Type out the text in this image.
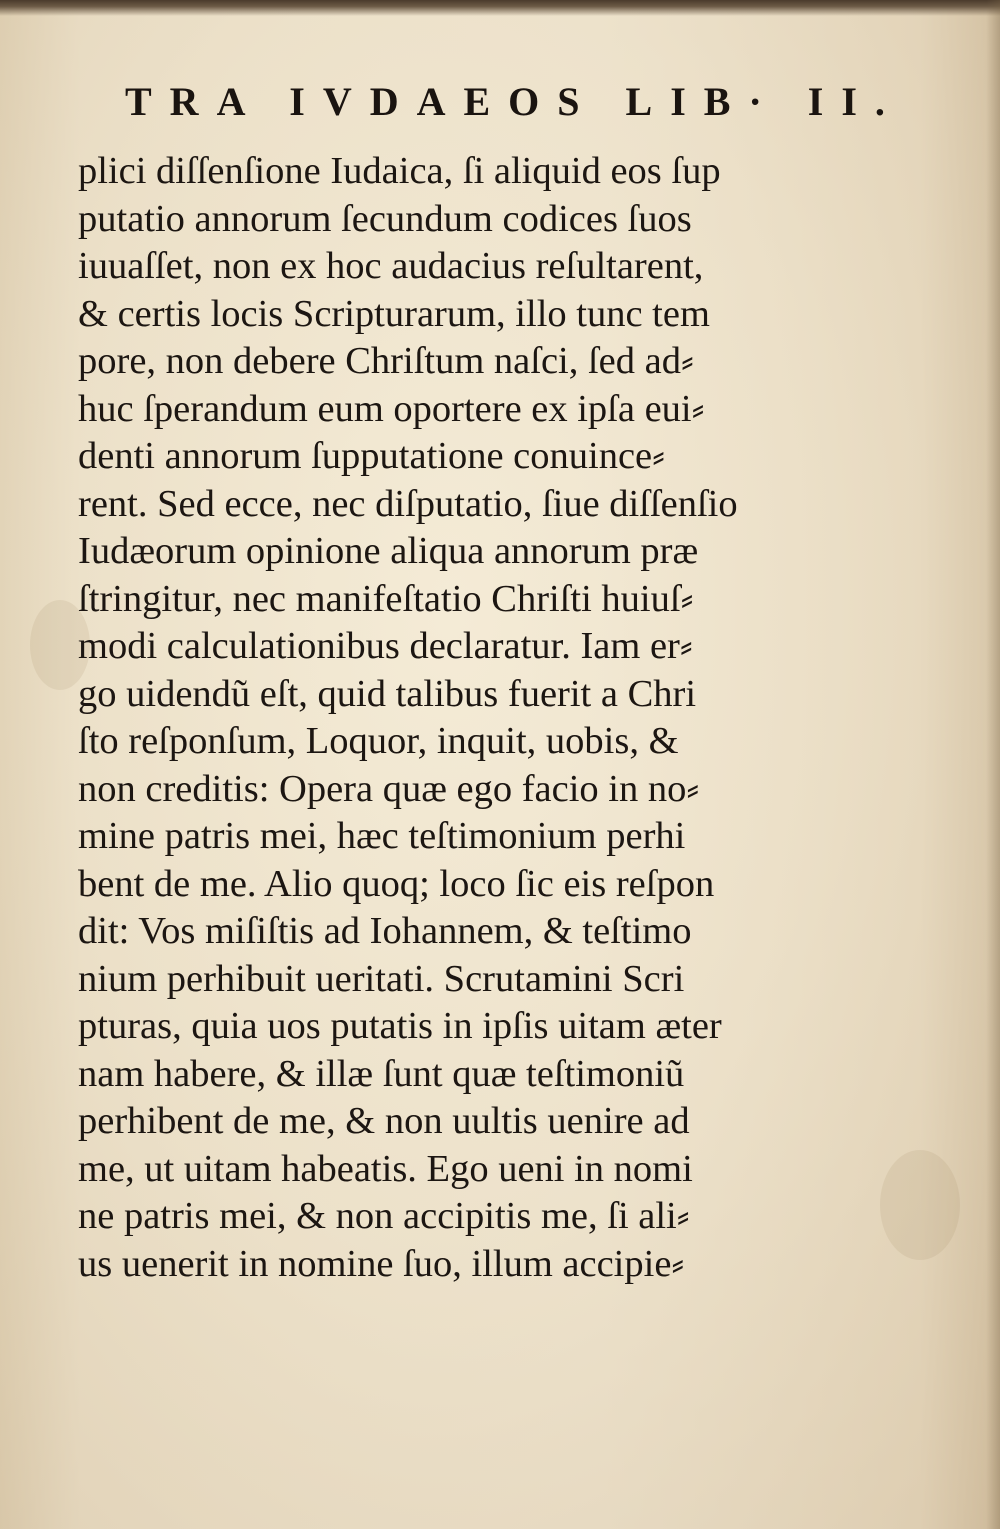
TRA IVDAEOS LIB· II.
plici diſſenſione Iudaica, ſi aliquid eos ſup
putatio annorum ſecundum codices ſuos
iuuaſſet, non ex hoc audacius reſultarent,
& certis locis Scripturarum, illo tunc tem
pore, non debere Chriſtum naſci, ſed ad⸗
huc ſperandum eum oportere ex ipſa eui⸗
denti annorum ſupputatione conuince⸗
rent. Sed ecce, nec diſputatio, ſiue diſſenſio
Iudæorum opinione aliqua annorum præ
ſtringitur, nec manifeſtatio Chriſti huiuſ⸗
modi calculationibus declaratur. Iam er⸗
go uidendũ eſt, quid talibus fuerit a Chri
ſto reſponſum, Loquor, inquit, uobis, &
non creditis: Opera quæ ego facio in no⸗
mine patris mei, hæc teſtimonium perhi
bent de me. Alio quoq; loco ſic eis reſpon
dit: Vos miſiſtis ad Iohannem, & teſtimo
nium perhibuit ueritati. Scrutamini Scri
pturas, quia uos putatis in ipſis uitam æter
nam habere, & illæ ſunt quæ teſtimoniũ
perhibent de me, & non uultis uenire ad
me, ut uitam habeatis. Ego ueni in nomi
ne patris mei, & non accipitis me, ſi ali⸗
us uenerit in nomine ſuo, illum accipie⸗
